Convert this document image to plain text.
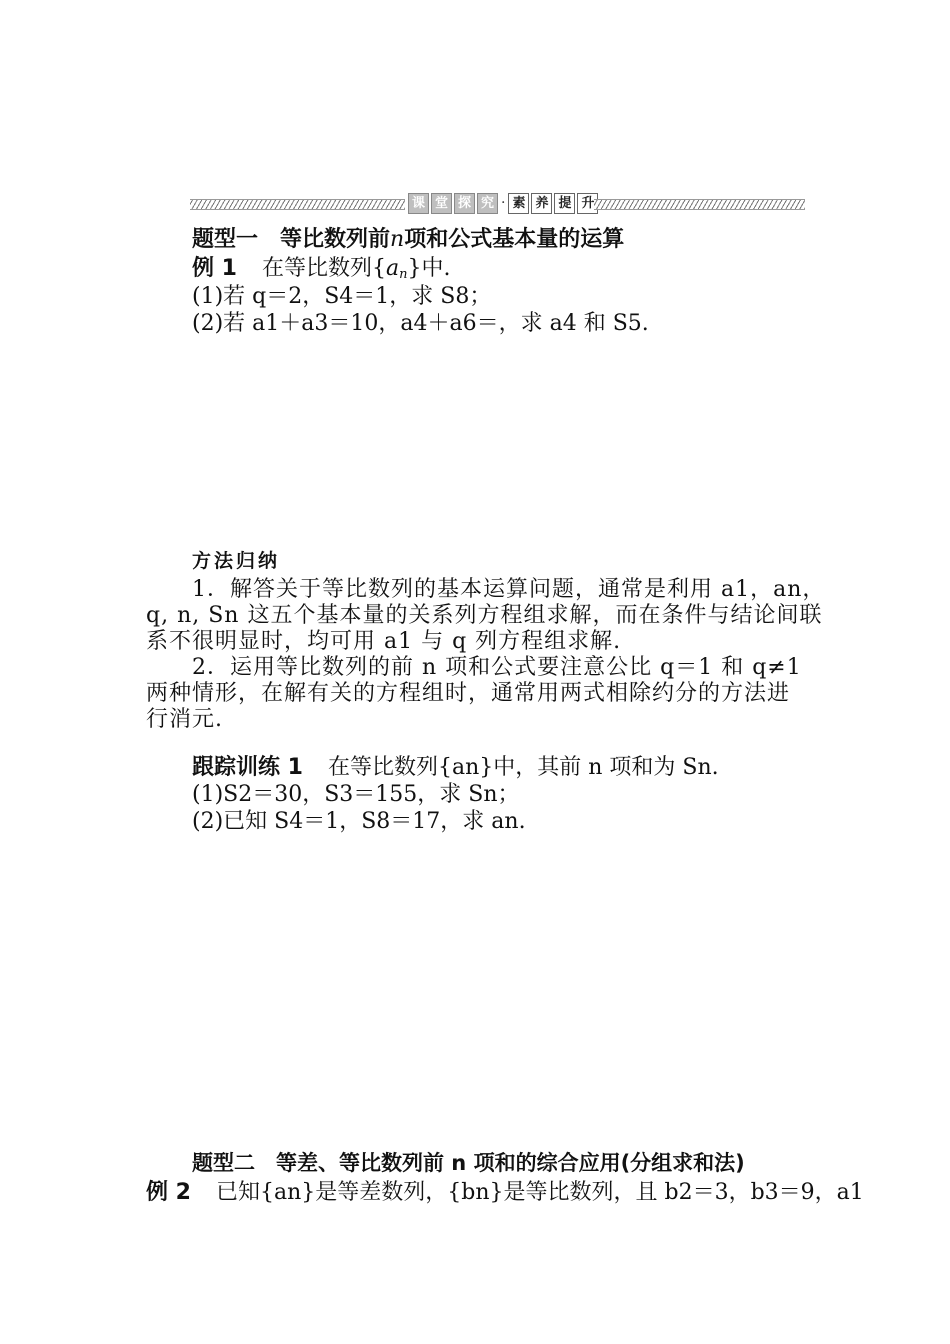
课 堂 探 究 · 素 养 提 升
题型一　等比数列前n项和公式基本量的运算
例 1 在等比数列$\{a_n\}$中.
(1)若 q＝2，S4＝1，求 S8；
(2)若 a1＋a3＝10，a4＋a6＝，求 a4 和 S5.
方法归纳
1．解答关于等比数列的基本运算问题，通常是利用 a1，an，
q, n, Sn 这五个基本量的关系列方程组求解，而在条件与结论间联
系不很明显时，均可用 a1 与 q 列方程组求解.
2．运用等比数列的前 n 项和公式要注意公比 q＝1 和 q≠1
两种情形，在解有关的方程组时，通常用两式相除约分的方法进
行消元.
跟踪训练 1 在等比数列{an}中，其前 n 项和为 Sn.
(1)S2＝30，S3＝155，求 Sn；
(2)已知 S4＝1，S8＝17，求 an.
题型二　等差、等比数列前 n 项和的综合应用(分组求和法)
例 2 已知{an}是等差数列，{bn}是等比数列，且 b2＝3，b3＝9，a1
